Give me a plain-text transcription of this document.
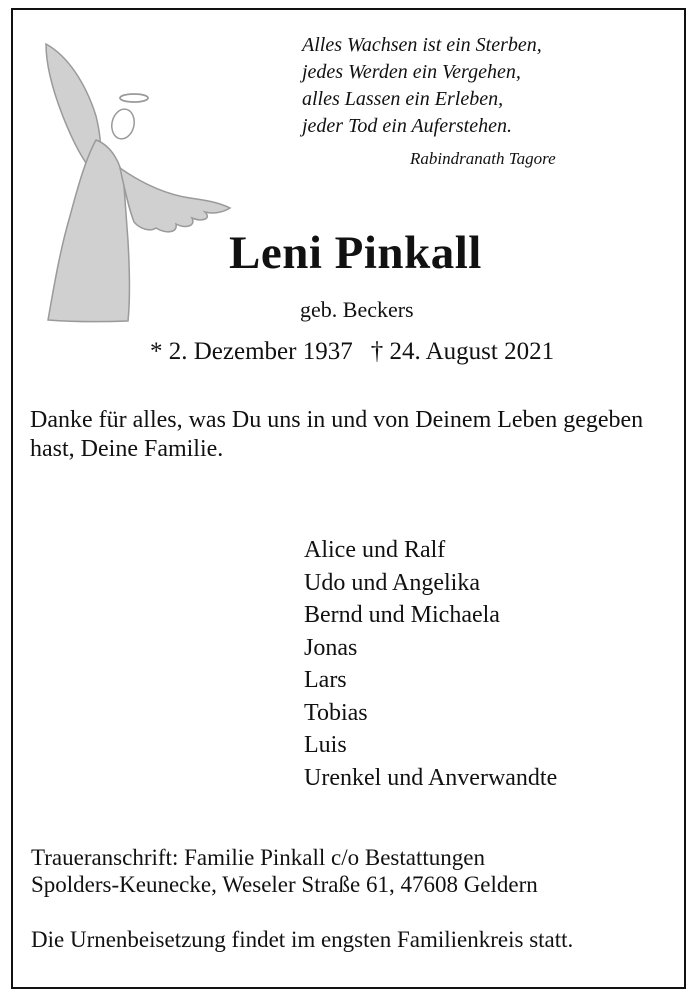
Alles Wachsen ist ein Sterben,
jedes Werden ein Vergehen,
alles Lassen ein Erleben,
jeder Tod ein Auferstehen.
Rabindranath Tagore
Leni Pinkall
geb. Beckers
* 2. Dezember 1937 † 24. August 2021
Danke für alles, was Du uns in und von Deinem Leben gegeben hast, Deine Familie.
Alice und Ralf
Udo und Angelika
Bernd und Michaela
Jonas
Lars
Tobias
Luis
Urenkel und Anverwandte
Traueranschrift: Familie Pinkall c/o Bestattungen
Spolders-Keunecke, Weseler Straße 61, 47608 Geldern
Die Urnenbeisetzung findet im engsten Familienkreis statt.
